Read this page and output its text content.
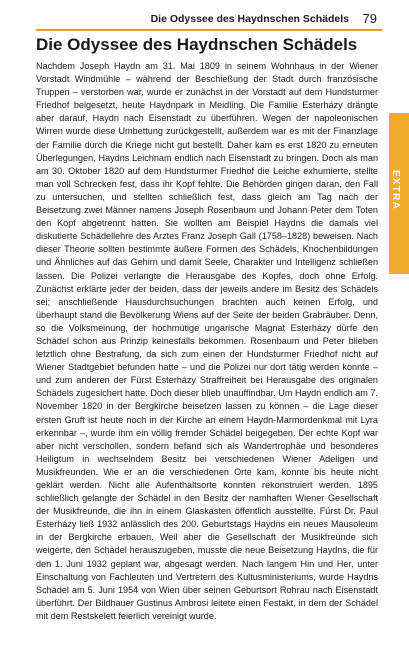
Die Odyssee des Haydnschen Schädels 79
EXTRA
Die Odyssee des Haydnschen Schädels

Nachdem Joseph Haydn am 31. Mai 1809 in seinem Wohnhaus in der Wiener Vorstadt Windmühle – während der Beschießung der Stadt durch französische Truppen – verstorben war, wurde er zunächst in der Vorstadt auf dem Hundsturmer Friedhof beigesetzt, heute Haydnpark in Meidling. Die Familie Esterházy drängte aber darauf, Haydn nach Eisenstadt zu überführen. Wegen der napoleonischen Wirren wurde diese Umbettung zurückgestellt, außerdem war es mit der Finanzlage der Familie durch die Kriege nicht gut bestellt. Daher kam es erst 1820 zu erneuten Überlegungen, Haydns Leichnam endlich nach Eisenstadt zu bringen. Doch als man am 30. Oktober 1820 auf dem Hundsturmer Friedhof die Leiche exhumierte, stellte man voll Schrecken fest, dass ihr Kopf fehlte. Die Behörden gingen daran, den Fall zu untersuchen, und stellten schließlich fest, dass gleich am Tag nach der Beisetzung zwei Männer namens Joseph Rosenbaum und Johann Peter dem Toten den Kopf abgetrennt hatten. Sie wollten am Beispiel Haydns die damals viel diskutierte Schädellehre des Arztes Franz Joseph Gall (1758–1828) beweisen. Nach dieser Theorie sollten bestimmte äußere Formen des Schädels, Knochenbildungen und Ähnliches auf das Gehirn und damit Seele, Charakter und Intelligenz schließen lassen. Die Polizei verlangte die Herausgabe des Kopfes, doch ohne Erfolg. Zunächst erklärte jeder der beiden, dass der jeweils andere im Besitz des Schädels sei; anschließende Hausdurchsuchungen brachten auch keinen Erfolg, und überhaupt stand die Bevölkerung Wiens auf der Seite der beiden Grabräuber. Denn, so die Volksmeinung, der hochmütige ungarische Magnat Esterházy dürfe den Schädel schon aus Prinzip keinesfalls bekommen. Rosenbaum und Peter blieben letztlich ohne Bestrafung, da sich zum einen der Hundsturmer Friedhof nicht auf Wiener Stadtgebiet befunden hatte – und die Polizei nur dort tätig werden konnte – und zum anderen der Fürst Esterházy Straffreiheit bei Herausgabe des originalen Schädels zugesichert hatte. Doch dieser blieb unauffindbar. Um Haydn endlich am 7. November 1820 in der Bergkirche beisetzen lassen zu können – die Lage dieser ersten Gruft ist heute noch in der Kirche an einem Haydn-Marmordenkmal mit Lyra erkennbar –, wurde ihm ein völlig fremder Schädel beigegeben. Der echte Kopf war aber nicht verschollen, sondern befand sich als Wandertrophäe und besonderes Heiligtum in wechselndem Besitz bei verschiedenen Wiener Adeligen und Musikfreunden. Wie er an die verschiedenen Orte kam, konnte bis heute nicht geklärt werden. Nicht alle Aufenthaltsorte konnten rekonstruiert werden. 1895 schließlich gelangte der Schädel in den Besitz der namhaften Wiener Gesellschaft der Musikfreunde, die ihn in einem Glaskasten öffentlich ausstellte. Fürst Dr. Paul Esterházy ließ 1932 anlässlich des 200. Geburtstags Haydns ein neues Mausoleum in der Bergkirche erbauen. Weil aber die Gesellschaft der Musikfreunde sich weigerte, den Schädel herauszugeben, musste die neue Beisetzung Haydns, die für den 1. Juni 1932 geplant war, abgesagt werden. Nach langem Hin und Her, unter Einschaltung von Fachleuten und Vertretern des Kultusministeriums, wurde Haydns Schädel am 5. Juni 1954 von Wien über seinen Geburtsort Rohrau nach Eisenstadt überführt. Der Bildhauer Gustinus Ambrosi leitete einen Festakt, in dem der Schädel mit dem Restskelett feierlich vereinigt wurde.
